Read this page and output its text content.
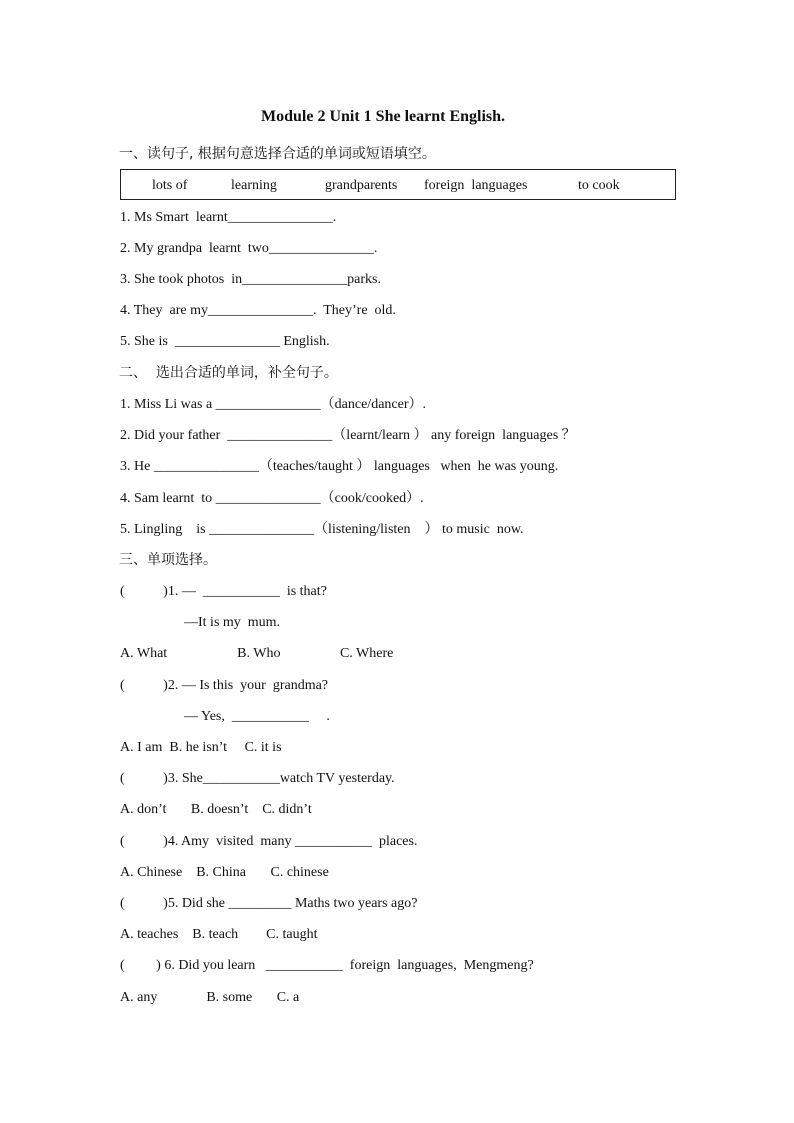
Module 2 Unit 1 She learnt English.
一、读句子, 根据句意选择合适的单词或短语填空。
lots of	learning	grandparents foreign  languages	to cook
1. Ms Smart  learnt_______________.
2. My grandpa  learnt  two_______________.
3. She took photos  in_______________parks.
4. They  are my_______________.  They’re  old.
5. She is  _______________ English.
二、  选出合适的单词，补全句子。
1. Miss Li was a _______________（dance/dancer）.
2. Did your father  _______________（learnt/learn ） any foreign  languages ？
3. He _______________（teaches/taught ） languages   when  he was young.
4. Sam learnt  to _______________（cook/cooked）.
5. Lingling    is _______________（listening/listen    ） to music  now.
三、单项选择。
(           )1. —  ___________  is that?
—It is my  mum.
A. What                    B. Who                 C. Where
(           )2. — Is this  your  grandma?
— Yes,  ___________     .
A. I am  B. he isn’t     C. it is
(           )3. She___________watch TV yesterday.
A. don’t       B. doesn’t    C. didn’t
(           )4. Amy  visited  many ___________  places.
A. Chinese    B. China       C. chinese
(           )5. Did she _________ Maths two years ago?
A. teaches    B. teach        C. taught
(         ) 6. Did you learn   ___________  foreign  languages,  Mengmeng?
A. any              B. some       C. a
